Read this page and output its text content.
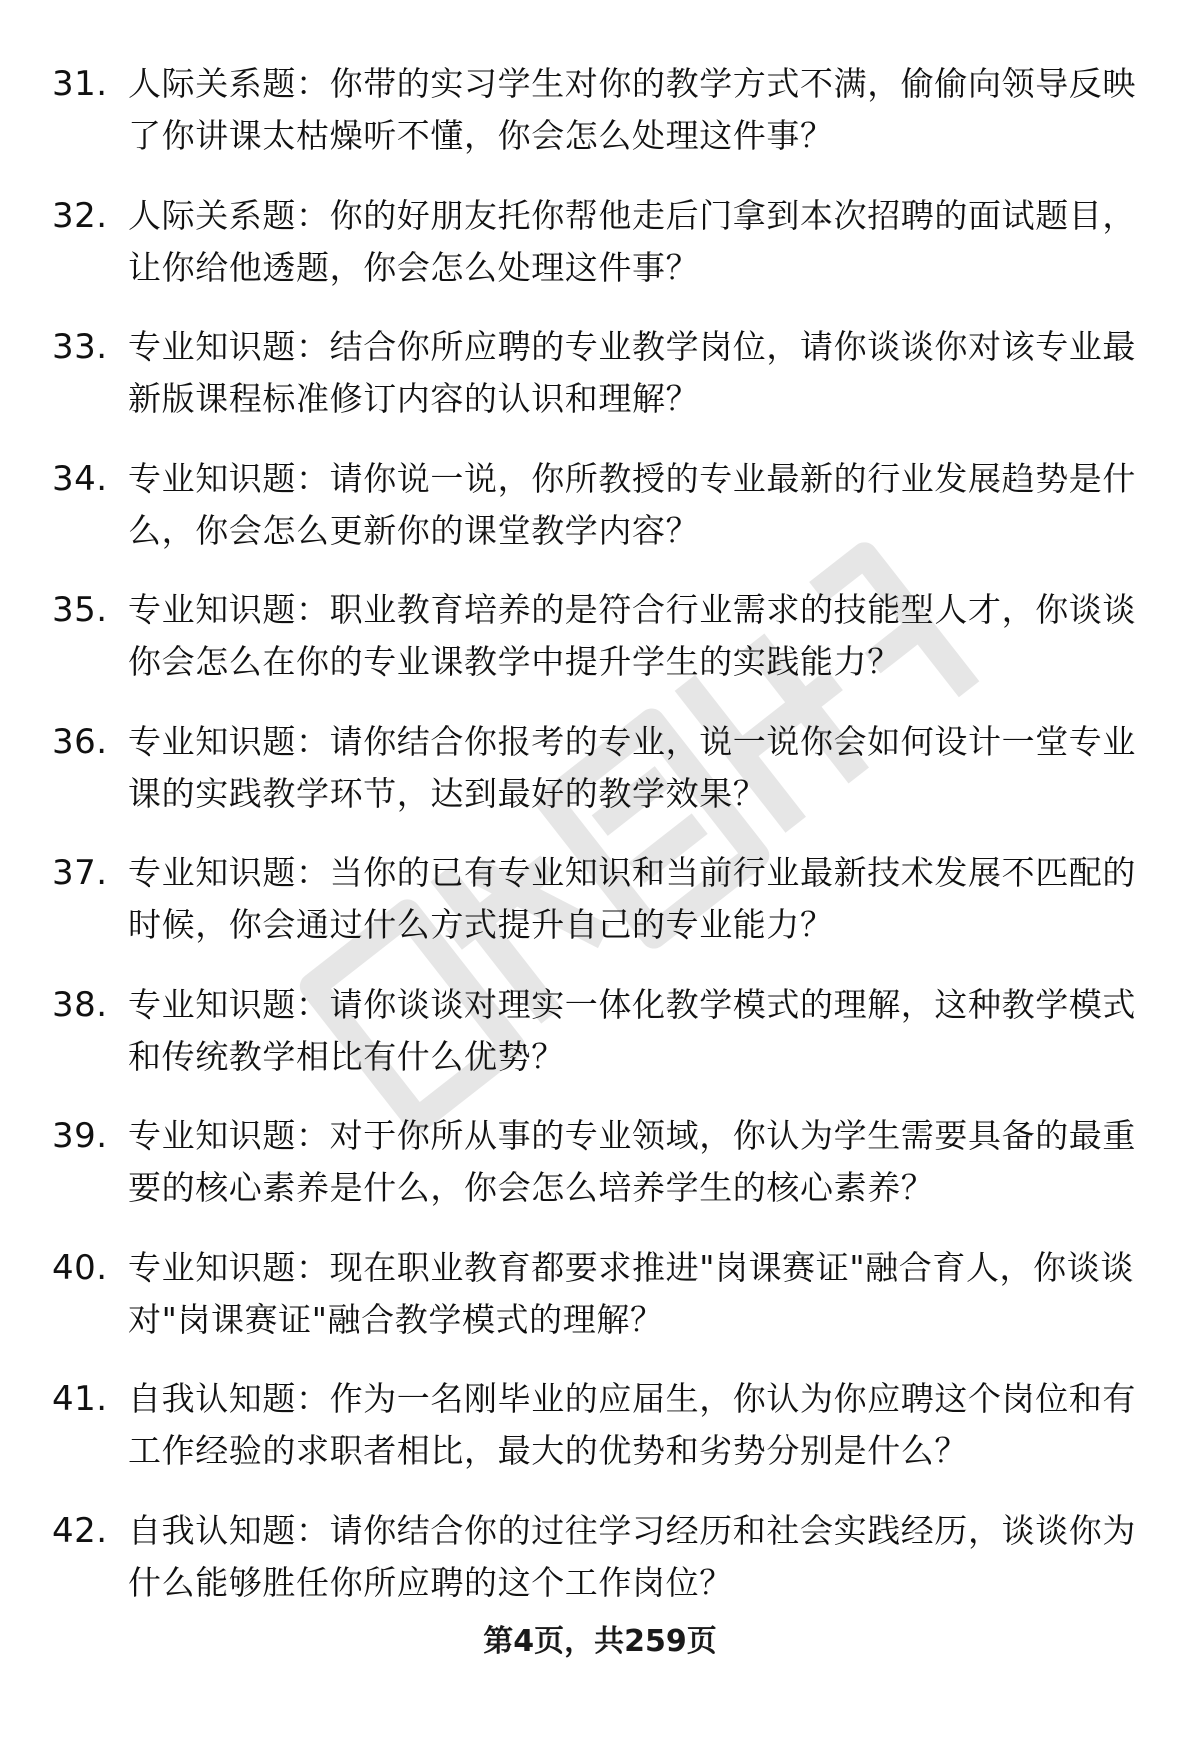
31. 人际关系题：你带的实习学生对你的教学方式不满，偷偷向领导反映了你讲课太枯燥听不懂，你会怎么处理这件事？
32. 人际关系题：你的好朋友托你帮他走后门拿到本次招聘的面试题目，让你给他透题，你会怎么处理这件事？
33. 专业知识题：结合你所应聘的专业教学岗位，请你谈谈你对该专业最新版课程标准修订内容的认识和理解？
34. 专业知识题：请你说一说，你所教授的专业最新的行业发展趋势是什么，你会怎么更新你的课堂教学内容？
35. 专业知识题：职业教育培养的是符合行业需求的技能型人才，你谈谈你会怎么在你的专业课教学中提升学生的实践能力？
36. 专业知识题：请你结合你报考的专业，说一说你会如何设计一堂专业课的实践教学环节，达到最好的教学效果？
37. 专业知识题：当你的已有专业知识和当前行业最新技术发展不匹配的时候，你会通过什么方式提升自己的专业能力？
38. 专业知识题：请你谈谈对理实一体化教学模式的理解，这种教学模式和传统教学相比有什么优势？
39. 专业知识题：对于你所从事的专业领域，你认为学生需要具备的最重要的核心素养是什么，你会怎么培养学生的核心素养？
40. 专业知识题：现在职业教育都要求推进"岗课赛证"融合育人，你谈谈对"岗课赛证"融合教学模式的理解？
41. 自我认知题：作为一名刚毕业的应届生，你认为你应聘这个岗位和有工作经验的求职者相比，最大的优势和劣势分别是什么？
42. 自我认知题：请你结合你的过往学习经历和社会实践经历，谈谈你为什么能够胜任你所应聘的这个工作岗位？
第4页，共259页
